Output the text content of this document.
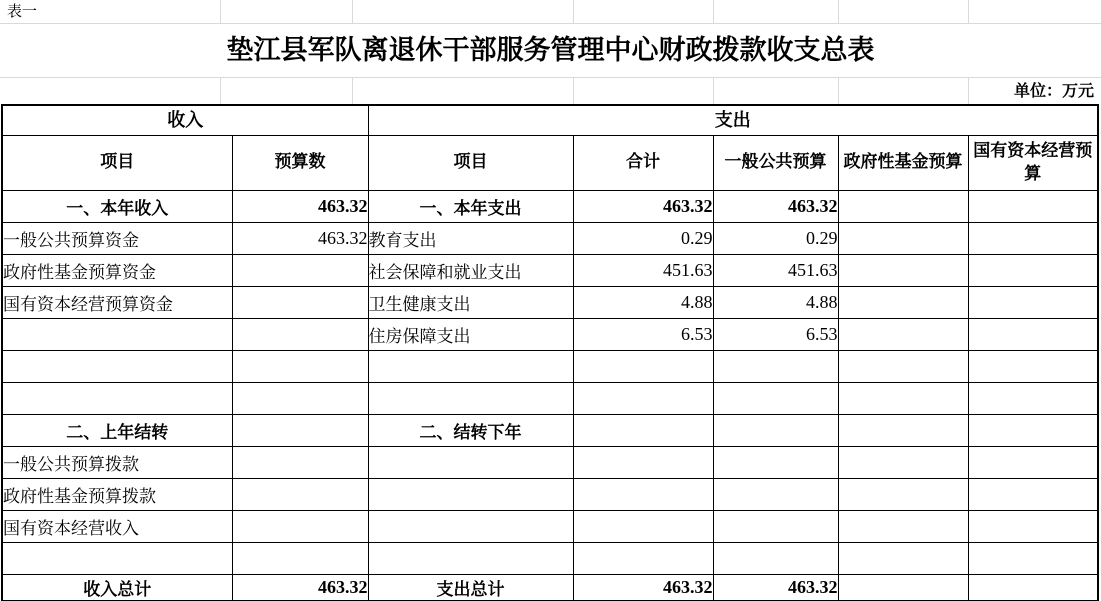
表一
垫江县军队离退休干部服务管理中心财政拨款收支总表
单位：万元
收入		支出				
项目	预算数	项目	合计	一般公共预算	政府性基金预算	国有资本经营预算
一、本年收入	463.32	一、本年支出	463.32	463.32		
一般公共预算资金	463.32	教育支出	0.29	0.29		
政府性基金预算资金		社会保障和就业支出	451.63	451.63		
国有资本经营预算资金		卫生健康支出	4.88	4.88		
		住房保障支出	6.53	6.53		

二、上年结转		二、结转下年				
一般公共预算拨款						
政府性基金预算拨款						
国有资本经营收入						

收入总计	463.32	支出总计	463.32	463.32		
